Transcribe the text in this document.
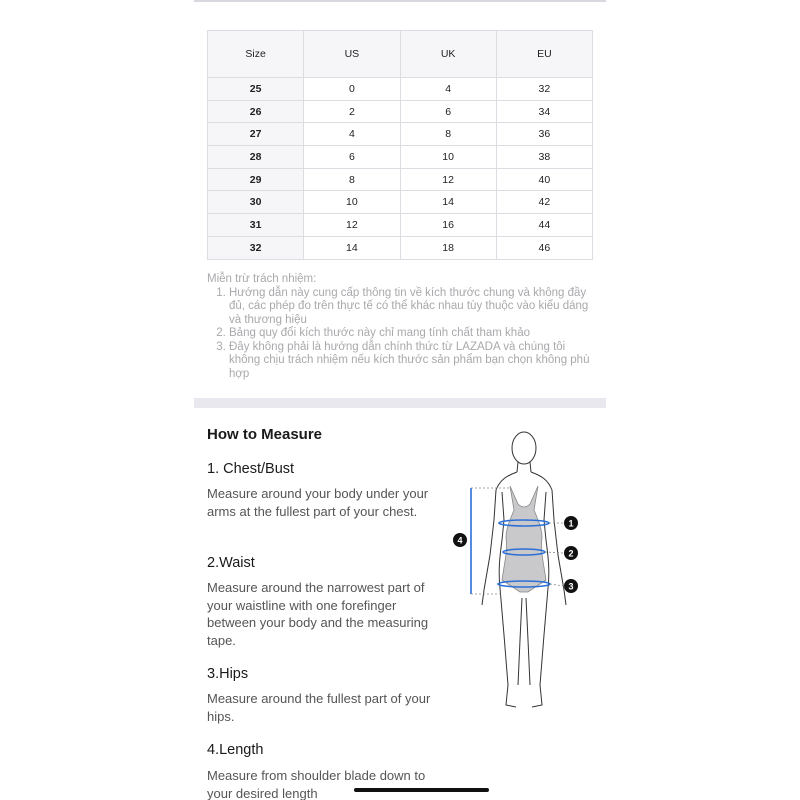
Size	US	UK	EU
25	0	4	32
26	2	6	34
27	4	8	36
28	6	10	38
29	8	12	40
30	10	14	42
31	12	16	44
32	14	18	46
Miễn trừ trách nhiệm:
1. Hướng dẫn này cung cấp thông tin về kích thước chung và không đầy đủ, các phép đo trên thực tế có thể khác nhau tùy thuộc vào kiểu dáng và thương hiệu
2. Bảng quy đổi kích thước này chỉ mang tính chất tham khảo
3. Đây không phải là hướng dẫn chính thức từ LAZADA và chúng tôi không chịu trách nhiệm nếu kích thước sản phẩm bạn chọn không phù hợp
How to Measure
1. Chest/Bust
Measure around your body under your arms at the fullest part of your chest.
2.Waist
Measure around the narrowest part of your waistline with one forefinger between your body and the measuring tape.
3.Hips
Measure around the fullest part of your hips.
4.Length
Measure from shoulder blade down to your desired length
1
2
3
4
